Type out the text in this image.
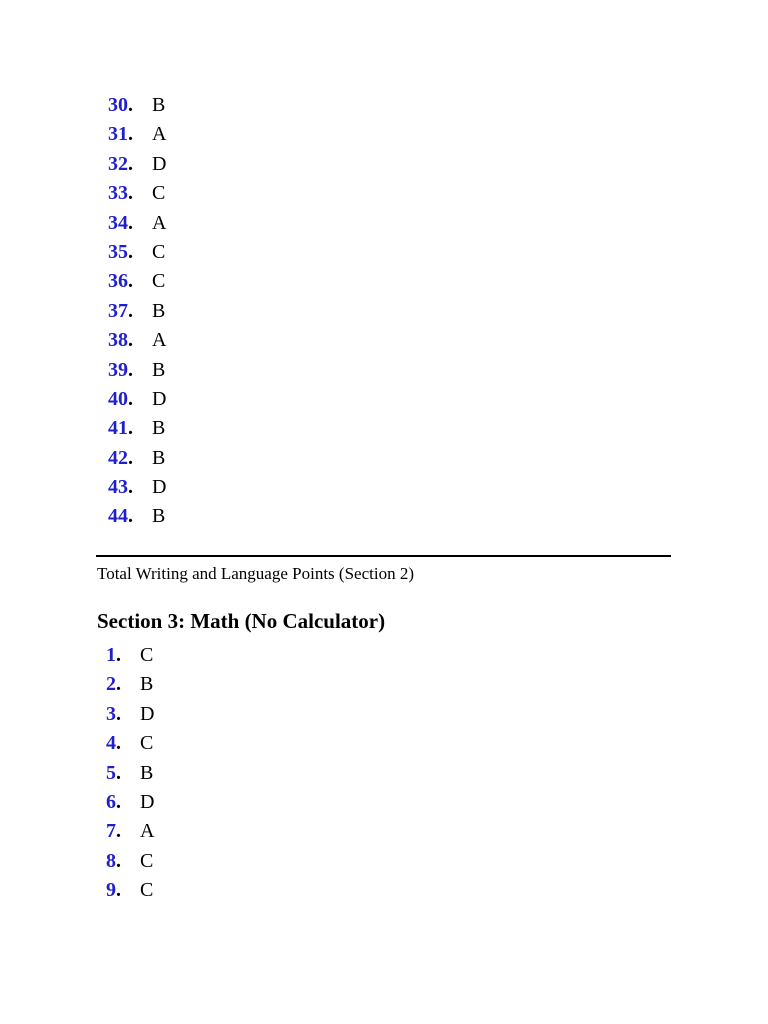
30 . B
31 . A
32 . D
33 . C
34 . A
35 . C
36 . C
37 . B
38 . A
39 . B
40 . D
41 . B
42 . B
43 . D
44 . B
Total Writing and Language Points (Section 2)
Section 3: Math (No Calculator)
1 . C
2 . B
3 . D
4 . C
5 . B
6 . D
7 . A
8 . C
9 . C
